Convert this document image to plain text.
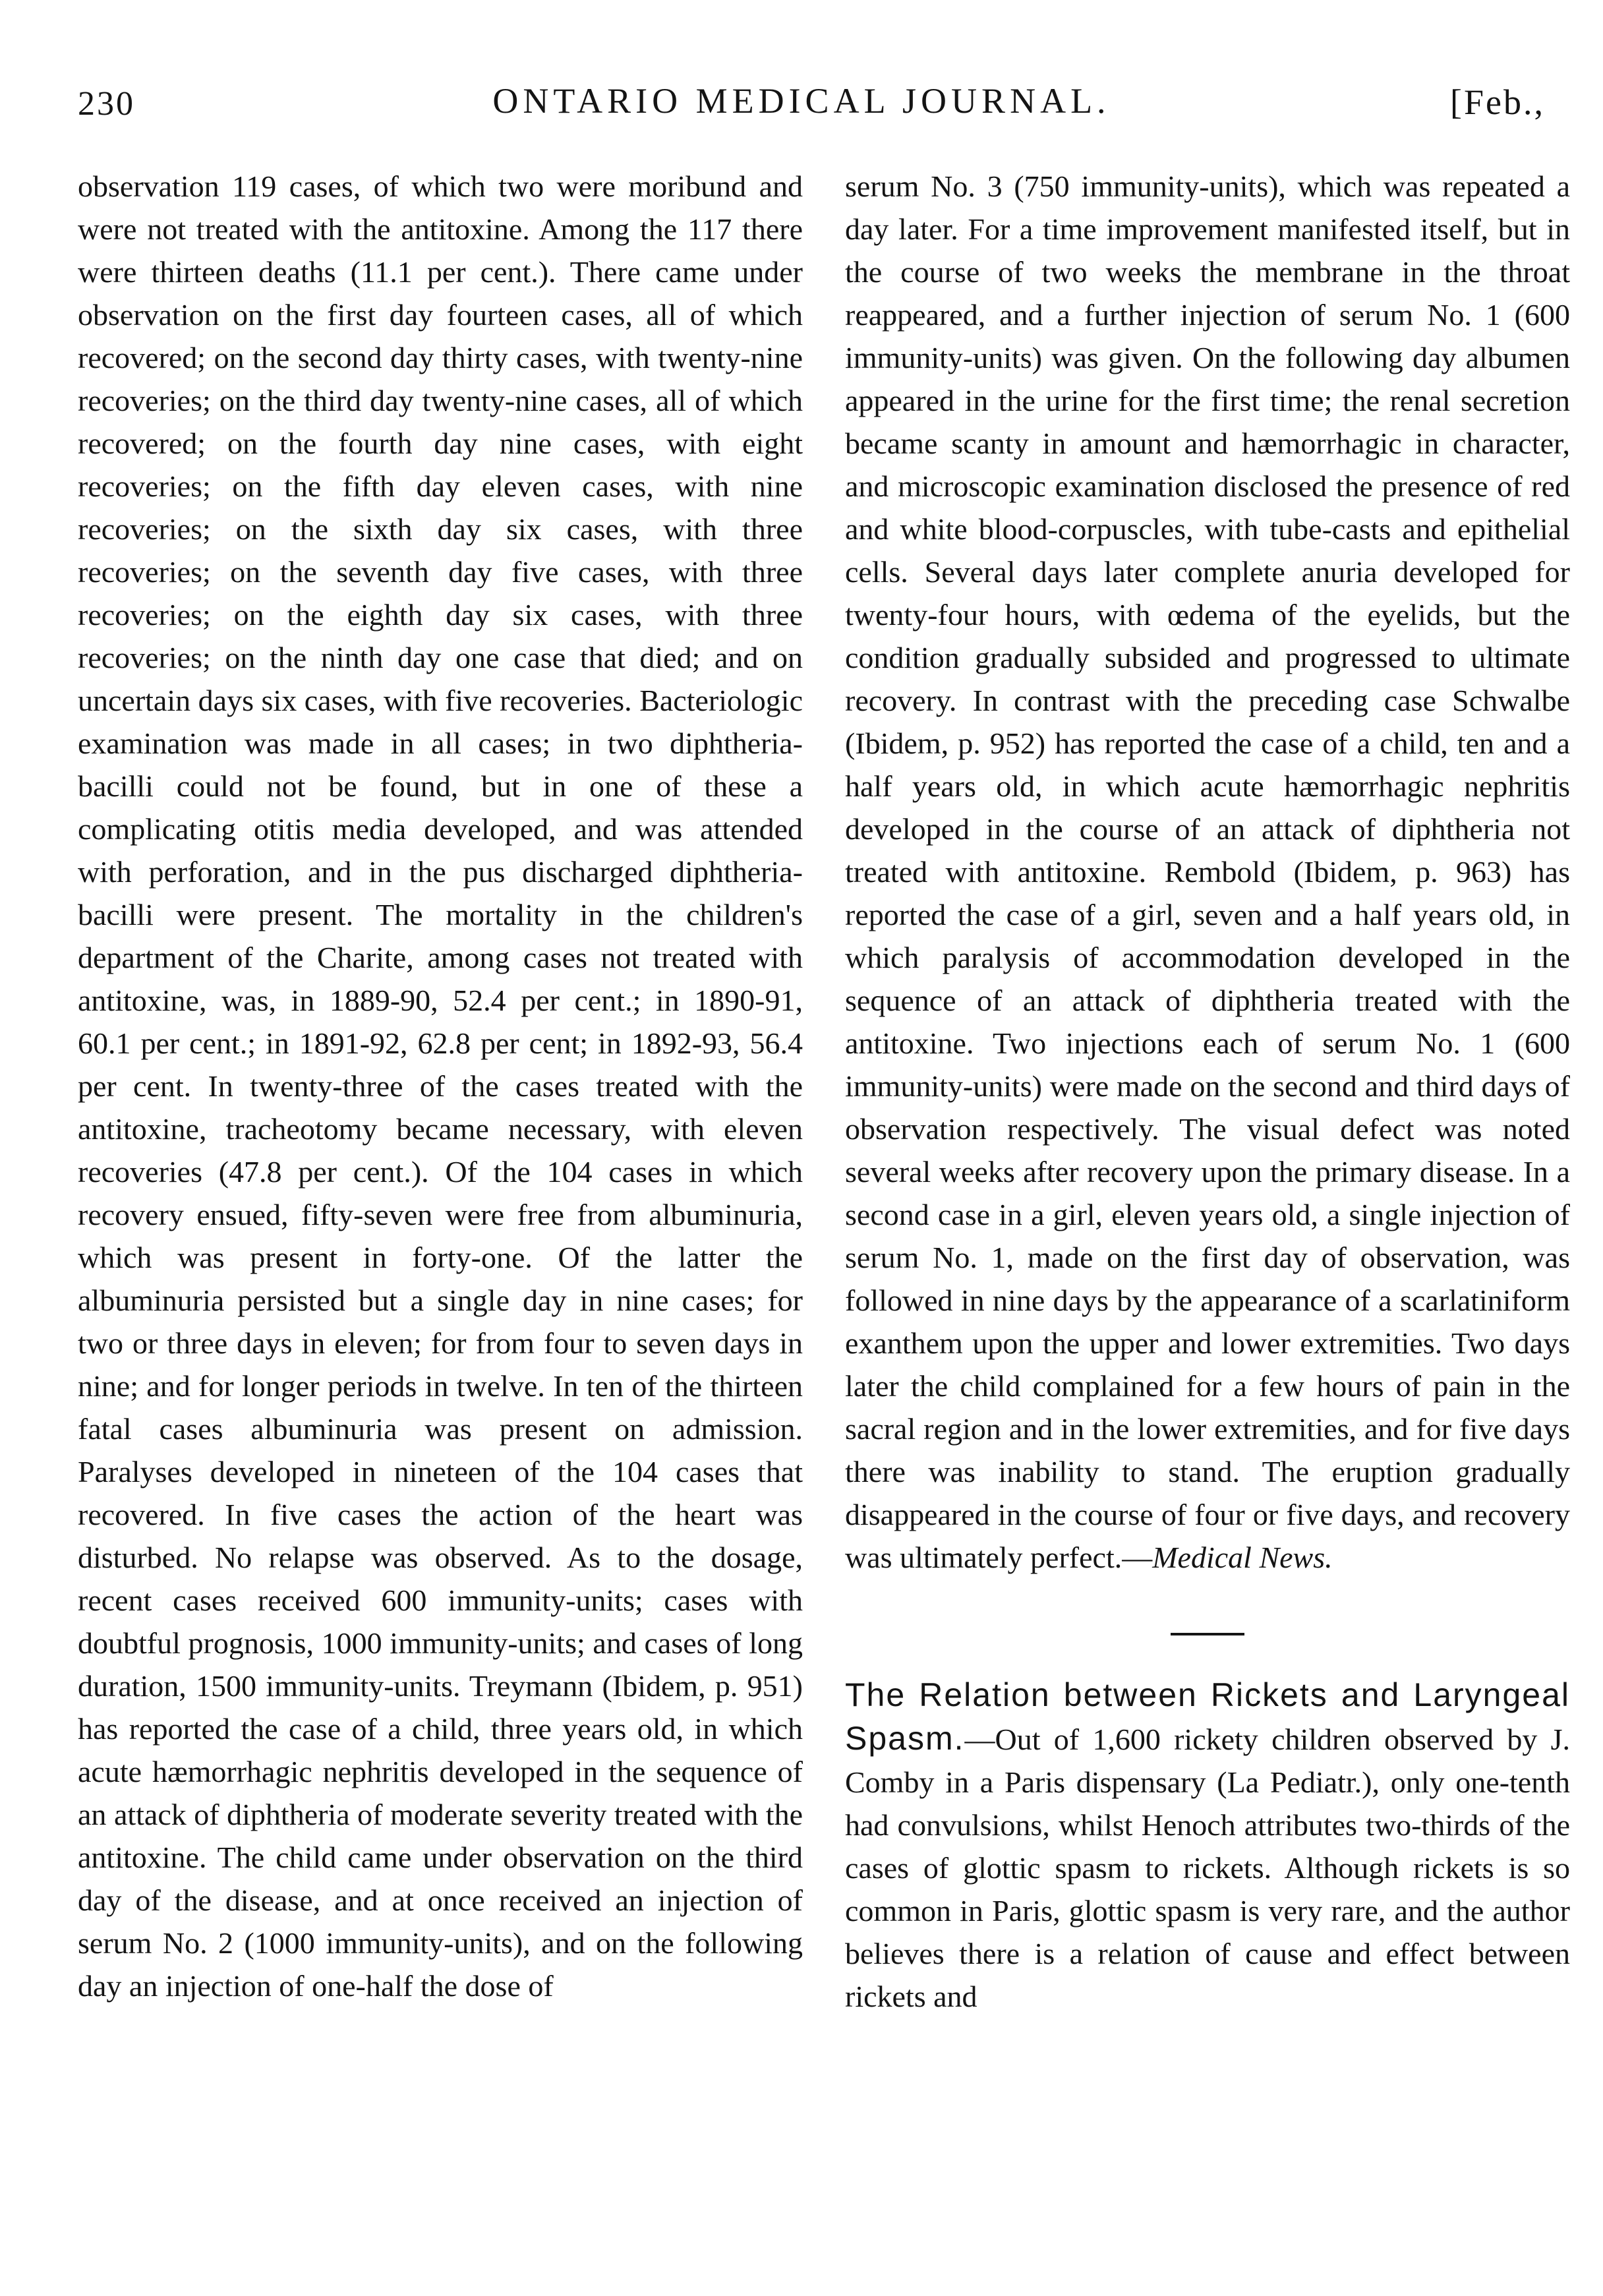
230	ONTARIO MEDICAL JOURNAL.	[Feb.,

observation 119 cases, of which two were moribund and were not treated with the antitoxine. Among the 117 there were thirteen deaths (11.1 per cent.). There came under observation on the first day fourteen cases, all of which recovered; on the second day thirty cases, with twenty-nine recoveries; on the third day twenty-nine cases, all of which recovered; on the fourth day nine cases, with eight recoveries; on the fifth day eleven cases, with nine recoveries; on the sixth day six cases, with three recoveries; on the seventh day five cases, with three recoveries; on the eighth day six cases, with three recoveries; on the ninth day one case that died; and on uncertain days six cases, with five recoveries. Bacteriologic examination was made in all cases; in two diphtheria-bacilli could not be found, but in one of these a complicating otitis media developed, and was attended with perforation, and in the pus discharged diphtheria-bacilli were present. The mortality in the children's department of the Charite, among cases not treated with antitoxine, was, in 1889-90, 52.4 per cent.; in 1890-91, 60.1 per cent.; in 1891-92, 62.8 per cent; in 1892-93, 56.4 per cent. In twenty-three of the cases treated with the antitoxine, tracheotomy became necessary, with eleven recoveries (47.8 per cent.). Of the 104 cases in which recovery ensued, fifty-seven were free from albuminuria, which was present in forty-one. Of the latter the albuminuria persisted but a single day in nine cases; for two or three days in eleven; for from four to seven days in nine; and for longer periods in twelve. In ten of the thirteen fatal cases albuminuria was present on admission. Paralyses developed in nineteen of the 104 cases that recovered. In five cases the action of the heart was disturbed. No relapse was observed. As to the dosage, recent cases received 600 immunity-units; cases with doubtful prognosis, 1000 immunity-units; and cases of long duration, 1500 immunity-units. Treymann (Ibidem, p. 951) has reported the case of a child, three years old, in which acute hæmorrhagic nephritis developed in the sequence of an attack of diphtheria of moderate severity treated with the antitoxine. The child came under observation on the third day of the disease, and at once received an injection of serum No. 2 (1000 immunity-units), and on the following day an injection of one-half the dose of

serum No. 3 (750 immunity-units), which was repeated a day later. For a time improvement manifested itself, but in the course of two weeks the membrane in the throat reappeared, and a further injection of serum No. 1 (600 immunity-units) was given. On the following day albumen appeared in the urine for the first time; the renal secretion became scanty in amount and hæmorrhagic in character, and microscopic examination disclosed the presence of red and white blood-corpuscles, with tube-casts and epithelial cells. Several days later complete anuria developed for twenty-four hours, with œdema of the eyelids, but the condition gradually subsided and progressed to ultimate recovery. In contrast with the preceding case Schwalbe (Ibidem, p. 952) has reported the case of a child, ten and a half years old, in which acute hæmorrhagic nephritis developed in the course of an attack of diphtheria not treated with antitoxine. Rembold (Ibidem, p. 963) has reported the case of a girl, seven and a half years old, in which paralysis of accommodation developed in the sequence of an attack of diphtheria treated with the antitoxine. Two injections each of serum No. 1 (600 immunity-units) were made on the second and third days of observation respectively. The visual defect was noted several weeks after recovery upon the primary disease. In a second case in a girl, eleven years old, a single injection of serum No. 1, made on the first day of observation, was followed in nine days by the appearance of a scarlatiniform exanthem upon the upper and lower extremities. Two days later the child complained for a few hours of pain in the sacral region and in the lower extremities, and for five days there was inability to stand. The eruption gradually disappeared in the course of four or five days, and recovery was ultimately perfect.—Medical News.

The Relation between Rickets and Laryngeal Spasm.—Out of 1,600 rickety children observed by J. Comby in a Paris dispensary (La Pediatr.), only one-tenth had convulsions, whilst Henoch attributes two-thirds of the cases of glottic spasm to rickets. Although rickets is so common in Paris, glottic spasm is very rare, and the author believes there is a relation of cause and effect between rickets and
